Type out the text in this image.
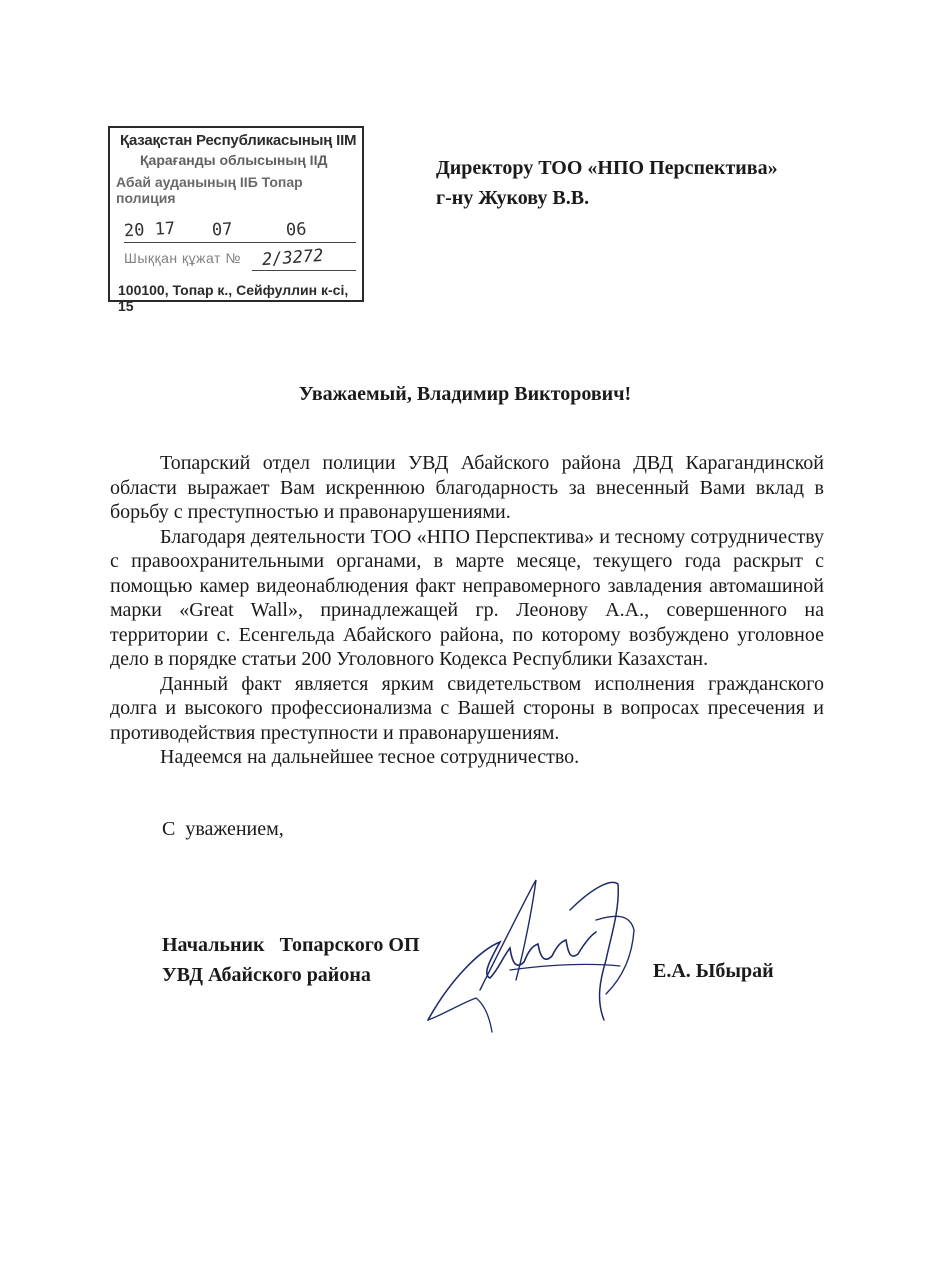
Қазақстан Республикасының ІІМ
Қарағанды облысының ІІД
Абай ауданының ІІБ Топар полиция
20 17 07	06
Шыққан құжат № 2/3272
100100, Топар к., Сейфуллин к-сі, 15
Директору ТОО «НПО Перспектива»
г-ну Жукову В.В.
Уважаемый, Владимир Викторович!

Топарский отдел полиции УВД Абайского района ДВД Карагандинской области выражает Вам искреннюю благодарность за внесенный Вами вклад в борьбу с преступностью и правонарушениями.

Благодаря деятельности ТОО «НПО Перспектива» и тесному сотрудничеству с правоохранительными органами, в марте месяце, текущего года раскрыт с помощью камер видеонаблюдения факт неправомерного завладения автомашиной марки «Great Wall», принадлежащей гр. Леонову А.А., совершенного на территории с. Есенгельда Абайского района, по которому возбуждено уголовное дело в порядке статьи 200 Уголовного Кодекса Республики Казахстан.

Данный факт является ярким свидетельством исполнения гражданского долга и высокого профессионализма с Вашей стороны в вопросах пресечения и противодействия преступности и правонарушениям.

Надеемся на дальнейшее тесное сотрудничество.

С  уважением,
Начальник   Топарского ОП
УВД Абайского района	Е.А. Ыбырай
